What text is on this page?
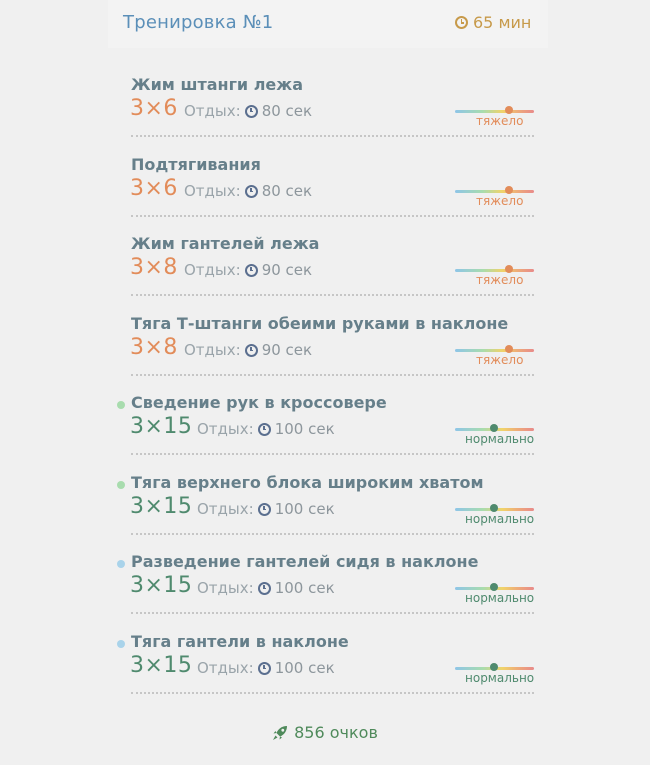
Тренировка №1	65 мин
Жим штанги лежа
3×6 Отдых: 80 сек
тяжело
Подтягивания
3×6 Отдых: 80 сек
тяжело
Жим гантелей лежа
3×8 Отдых: 90 сек
тяжело
Тяга Т-штанги обеими руками в наклоне
3×8 Отдых: 90 сек
тяжело
Сведение рук в кроссовере
3×15 Отдых: 100 сек
нормально
Тяга верхнего блока широким хватом
3×15 Отдых: 100 сек
нормально
Разведение гантелей сидя в наклоне
3×15 Отдых: 100 сек
нормально
Тяга гантели в наклоне
3×15 Отдых: 100 сек
нормально
856 очков
